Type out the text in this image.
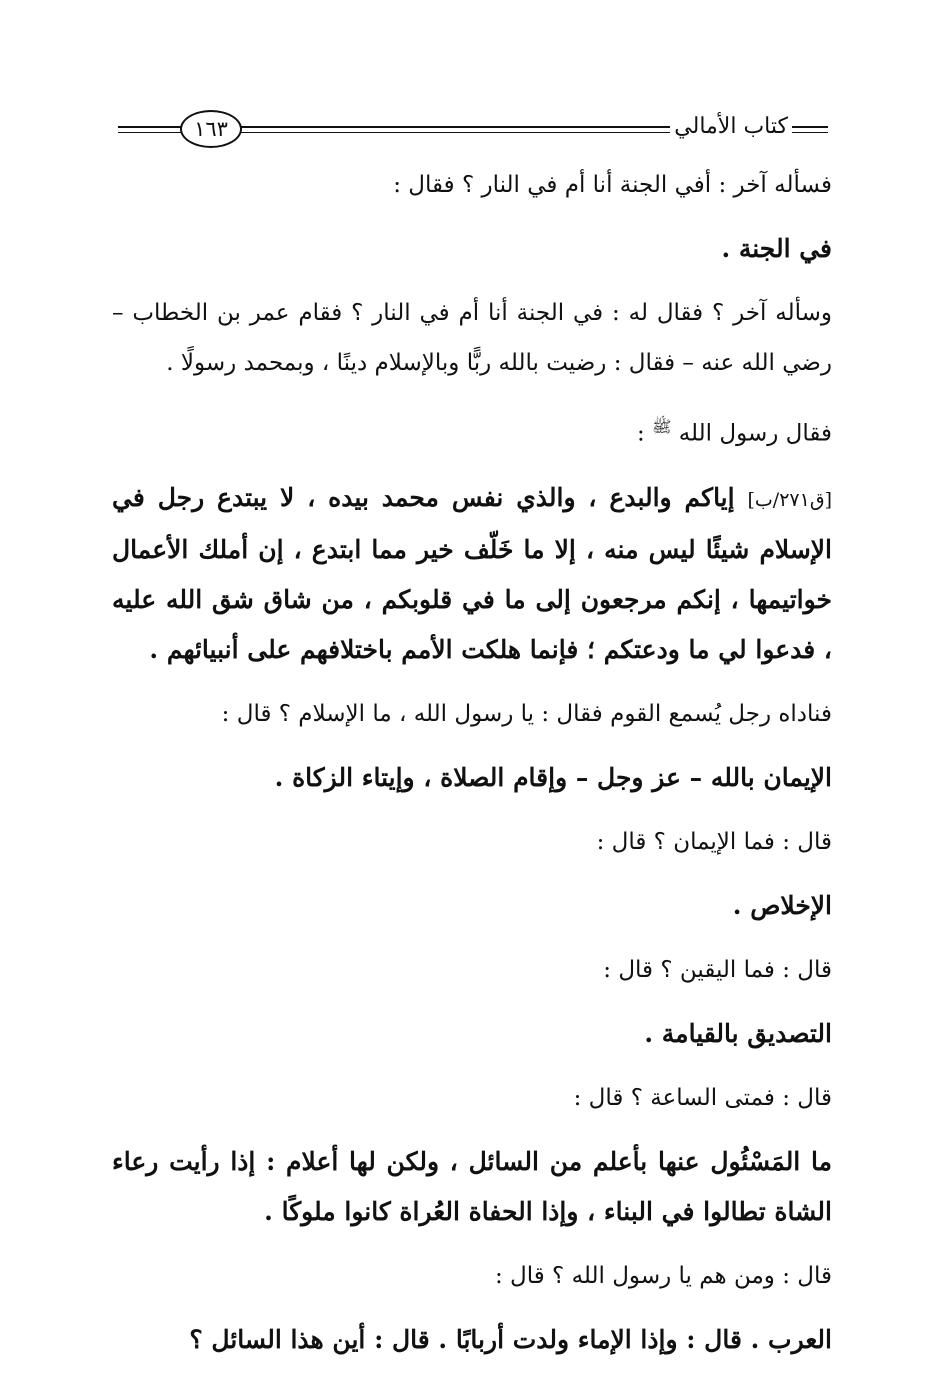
١٦٣	كتاب الأمالي

فسأله آخر : أفي الجنة أنا أم في النار ؟ فقال :

في الجنة .

وسأله آخر ؟ فقال له : في الجنة أنا أم في النار ؟ فقام عمر بن الخطاب – رضي الله عنه – فقال : رضيت بالله ربًّا وبالإسلام دينًا ، وبمحمد رسولًا .

فقال رسول الله $^ﷺ$ :

[ق٢٧١/ب] إياكم والبدع ، والذي نفس محمد بيده ، لا يبتدع رجل في الإسلام شيئًا ليس منه ، إلا ما خَلّف خير مما ابتدع ، إن أملك الأعمال خواتيمها ، إنكم مرجعون إلى ما في قلوبكم ، من شاق شق الله عليه ، فدعوا لي ما ودعتكم ؛ فإنما هلكت الأمم باختلافهم على أنبيائهم .

فناداه رجل يُسمع القوم فقال : يا رسول الله ، ما الإسلام ؟ قال :

الإيمان بالله – عز وجل – وإقام الصلاة ، وإيتاء الزكاة .

قال : فما الإيمان ؟ قال :

الإخلاص .

قال : فما اليقين ؟ قال :

التصديق بالقيامة .

قال : فمتى الساعة ؟ قال :

ما المَسْئُول عنها بأعلم من السائل ، ولكن لها أعلام : إذا رأيت رعاء الشاة تطالوا في البناء ، وإذا الحفاة العُراة كانوا ملوكًا .

قال : ومن هم يا رسول الله ؟ قال :

العرب . قال : وإذا الإماء ولدت أربابًا . قال : أين هذا السائل ؟
